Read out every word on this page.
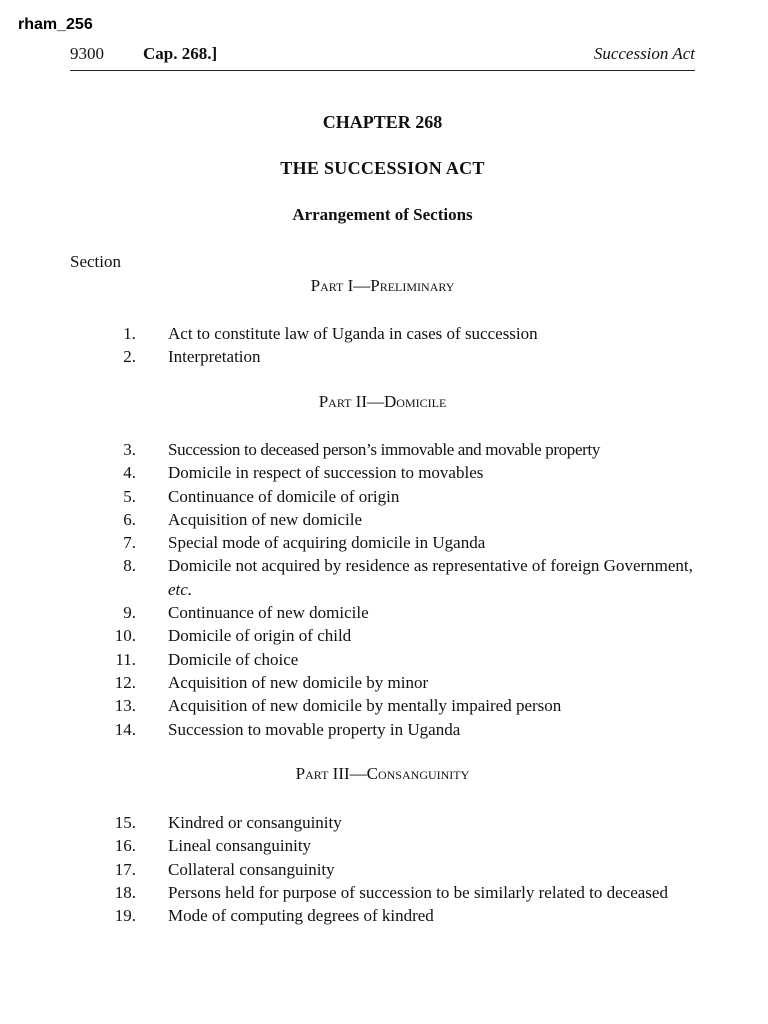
rham_256
9300 Cap. 268.]	Succession Act
CHAPTER 268
THE SUCCESSION ACT
Arrangement of Sections
Section
Part I—Preliminary
1. Act to constitute law of Uganda in cases of succession
2. Interpretation
Part II—Domicile
3. Succession to deceased person’s immovable and movable property
4. Domicile in respect of succession to movables
5. Continuance of domicile of origin
6. Acquisition of new domicile
7. Special mode of acquiring domicile in Uganda
8. Domicile not acquired by residence as representative of foreign Government, etc.
9. Continuance of new domicile
10. Domicile of origin of child
11. Domicile of choice
12. Acquisition of new domicile by minor
13. Acquisition of new domicile by mentally impaired person
14. Succession to movable property in Uganda
Part III—Consanguinity
15. Kindred or consanguinity
16. Lineal consanguinity
17. Collateral consanguinity
18. Persons held for purpose of succession to be similarly related to deceased
19. Mode of computing degrees of kindred
